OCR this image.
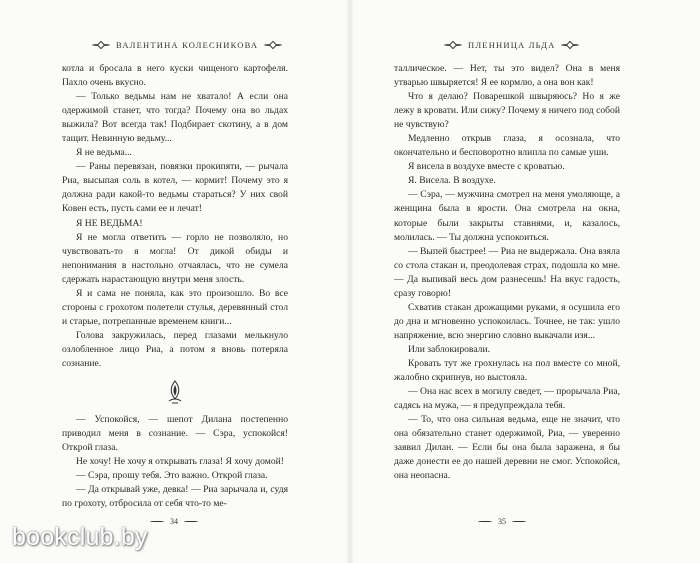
ВАЛЕНТИНА КОЛЕСНИКОВА

котла и бросала в него куски чищеного картофеля. Пахло очень вкусно.

— Только ведьмы нам не хватало! А если она одержимой станет, что тогда? Почему она во льдах выжила? Вот всегда так! Подбирает скотину, а в дом тащит. Невинную ведьму...

Я не ведьма...

— Раны перевязан, повязки прокипяти, — рычала Риа, высыпая соль в котел, — кормит! Почему это я должна ради какой-то ведьмы стараться? У них свой Ковен есть, пусть сами ее и лечат!

Я НЕ ВЕДЬМА!

Я не могла ответить — горло не позволяло, но чувствовать-то я могла! От дикой обиды и непонимания в настольно отчаялась, что не сумела сдержать нарастающую внутри меня злость.

Я и сама не поняла, как это произошло. Во все стороны с грохотом полетели стулья, деревянный стол и старые, потрепанные временем книги...

Голова закружилась, перед глазами мелькнуло озлобленное лицо Риа, а потом я вновь потеряла сознание.

— Успокойся, — шепот Дилана постепенно приводил меня в сознание. — Сэра, успокойся! Открой глаза.

Не хочу! Не хочу я открывать глаза! Я хочу домой!

— Сэра, прошу тебя. Это важно. Открой глаза.

— Да открывай уже, девка! — Риа зарычала и, судя по грохоту, отбросила от себя что-то ме-

34
ПЛЕННИЦА ЛЬДА

таллическое. — Нет, ты это видел? Она в меня утварью швыряется! Я ее кормлю, а она вон как!

Что я делаю? Поварешкой швыряюсь? Но я же лежу в кровати. Или сижу? Почему я ничего под собой не чувствую?

Медленно открыв глаза, я осознала, что окончательно и бесповоротно влипла по самые уши.

Я висела в воздухе вместе с кроватью.

Я. Висела. В воздухе.

— Сэра, — мужчина смотрел на меня умоляюще, а женщина была в ярости. Она смотрела на окна, которые были закрыты ставнями, и, казалось, молилась. — Ты должна успокоиться.

— Выпей быстрее! — Риа не выдержала. Она взяла со стола стакан и, преодолевая страх, подошла ко мне. — Да выпивай весь дом разнесешь! На вкус гадость, сразу говорю!

Схватив стакан дрожащими руками, я осушила его до дна и мгновенно успокоилась. Точнее, не так: ушло напряжение, всю энергию словно выкачали изя...

Или заблокировали.

Кровать тут же грохнулась на пол вместе со мной, жалобно скрипнув, но выстояла.

— Она нас всех в могилу сведет, — прорычала Риа, садясь на мужа, — я предупреждала тебя.

— То, что она сильная ведьма, еще не значит, что она обязательно станет одержимой, Риа, — уверенно заявил Дилан. — Если бы она была заражена, я бы даже донести ее до нашей деревни не смог. Успокойся, она неопасна.

35
bookclub.by
